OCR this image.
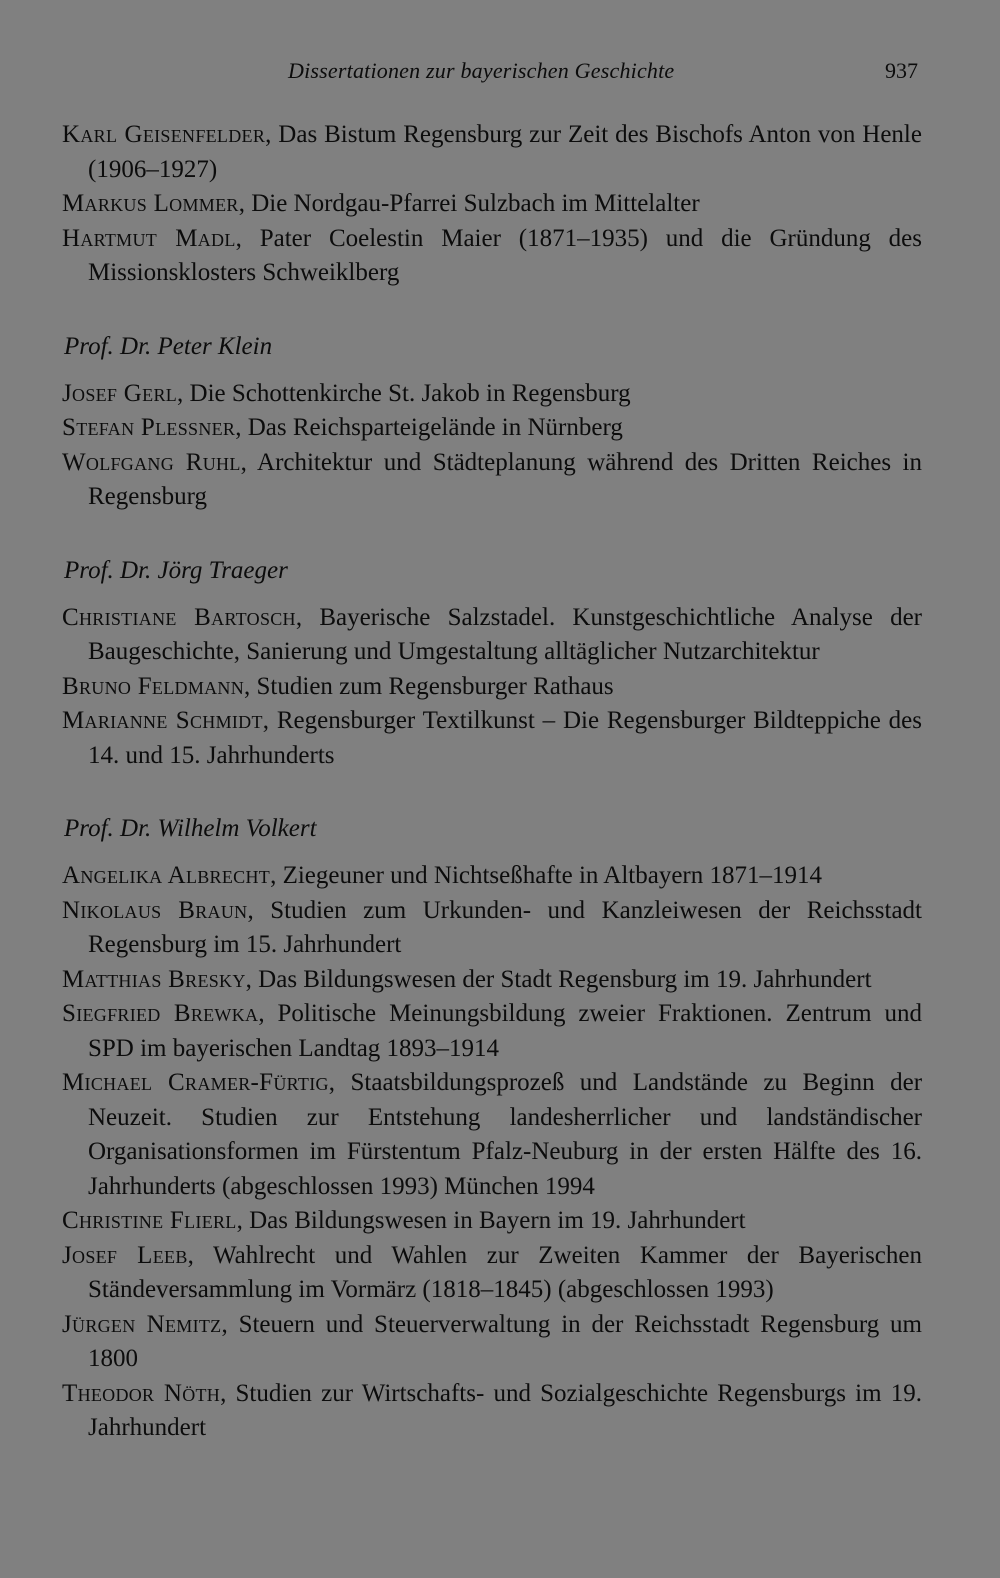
Dissertationen zur bayerischen Geschichte	937

Karl Geisenfelder, Das Bistum Regensburg zur Zeit des Bischofs Anton von Henle (1906–1927)

Markus Lommer, Die Nordgau-Pfarrei Sulzbach im Mittelalter

Hartmut Madl, Pater Coelestin Maier (1871–1935) und die Gründung des Missionsklosters Schweiklberg

Prof. Dr. Peter Klein

Josef Gerl, Die Schottenkirche St. Jakob in Regensburg

Stefan Plessner, Das Reichsparteigelände in Nürnberg

Wolfgang Ruhl, Architektur und Städteplanung während des Dritten Reiches in Regensburg

Prof. Dr. Jörg Traeger

Christiane Bartosch, Bayerische Salzstadel. Kunstgeschichtliche Analyse der Baugeschichte, Sanierung und Umgestaltung alltäglicher Nutzarchitektur

Bruno Feldmann, Studien zum Regensburger Rathaus

Marianne Schmidt, Regensburger Textilkunst – Die Regensburger Bildteppiche des 14. und 15. Jahrhunderts

Prof. Dr. Wilhelm Volkert

Angelika Albrecht, Ziegeuner und Nichtseßhafte in Altbayern 1871–1914

Nikolaus Braun, Studien zum Urkunden- und Kanzleiwesen der Reichsstadt Regensburg im 15. Jahrhundert

Matthias Bresky, Das Bildungswesen der Stadt Regensburg im 19. Jahrhundert

Siegfried Brewka, Politische Meinungsbildung zweier Fraktionen. Zentrum und SPD im bayerischen Landtag 1893–1914

Michael Cramer-Fürtig, Staatsbildungsprozeß und Landstände zu Beginn der Neuzeit. Studien zur Entstehung landesherrlicher und landständischer Organisationsformen im Fürstentum Pfalz-Neuburg in der ersten Hälfte des 16. Jahrhunderts (abgeschlossen 1993) München 1994

Christine Flierl, Das Bildungswesen in Bayern im 19. Jahrhundert

Josef Leeb, Wahlrecht und Wahlen zur Zweiten Kammer der Bayerischen Ständeversammlung im Vormärz (1818–1845) (abgeschlossen 1993)

Jürgen Nemitz, Steuern und Steuerverwaltung in der Reichsstadt Regensburg um 1800

Theodor Nöth, Studien zur Wirtschafts- und Sozialgeschichte Regensburgs im 19. Jahrhundert
